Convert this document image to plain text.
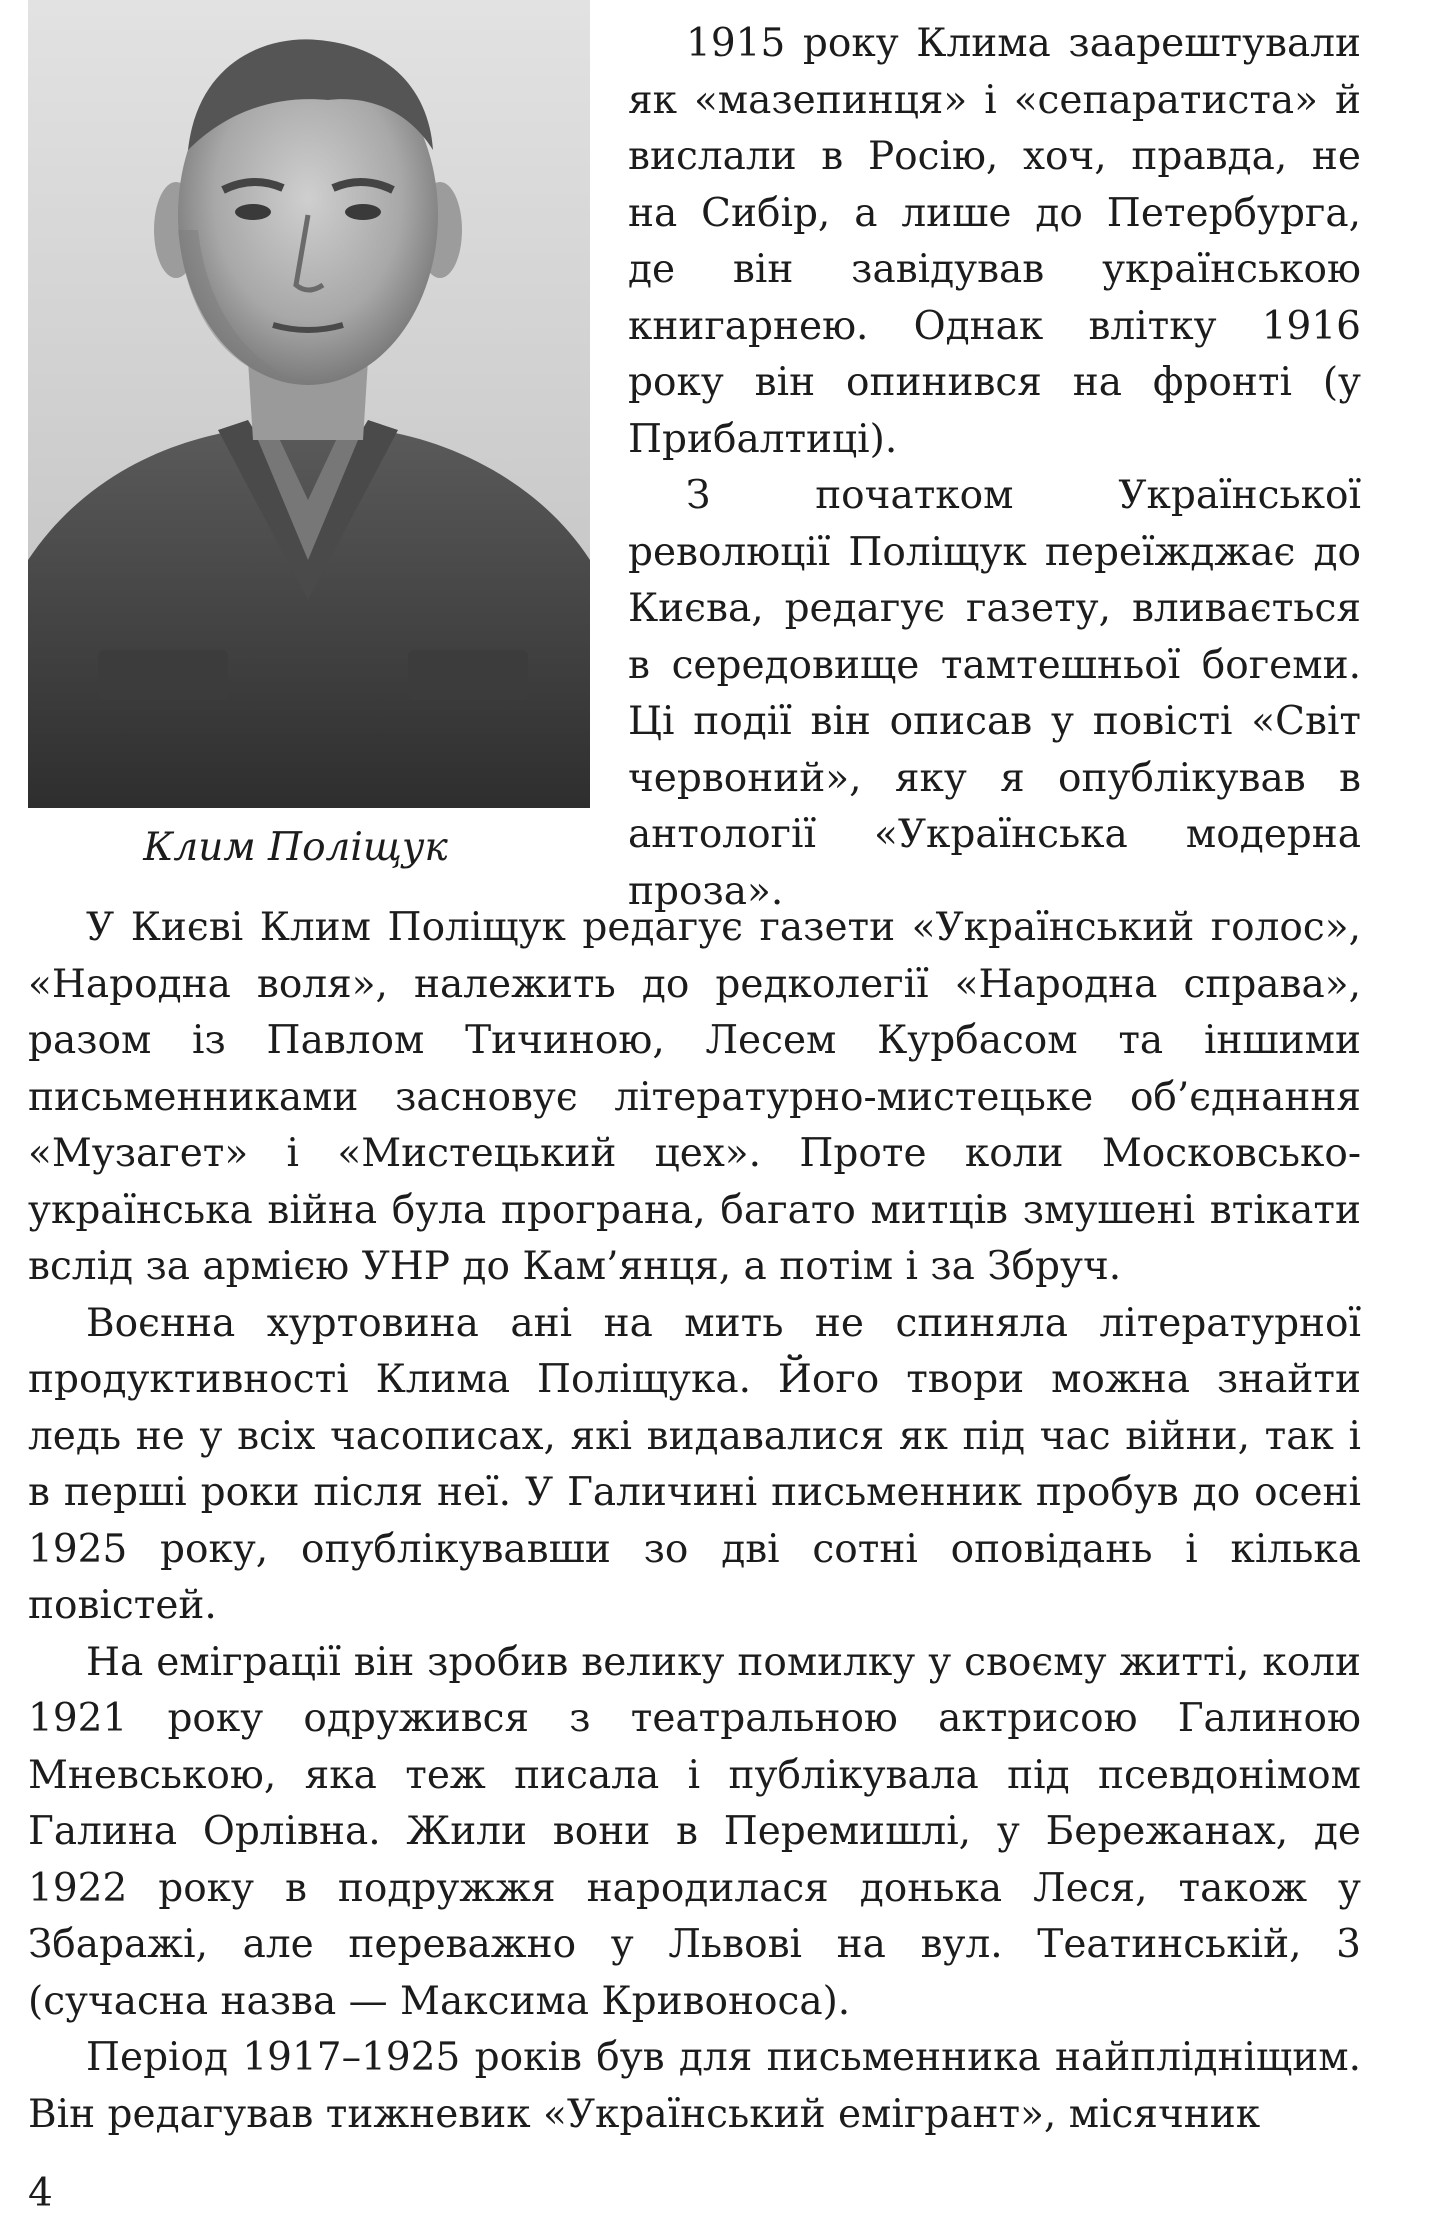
Клим Поліщук

1915 року Клима заарештували як «мазепинця» і «сепаратиста» й вислали в Росію, хоч, правда, не на Сибір, а лише до Петербурга, де він завідував українською книгарнею. Однак влітку 1916 року він опинився на фронті (у Прибалтиці).

З початком Української революції Поліщук переїжджає до Києва, редагує газету, вливається в середовище тамтешньої богеми. Ці події він описав у повісті «Світ червоний», яку я опублікував в антології «Українська модерна проза».

У Києві Клим Поліщук редагує газети «Український голос», «Народна воля», належить до редколегії «Народна справа», разом із Павлом Тичиною, Лесем Курбасом та іншими письменниками засновує літературно-мистецьке об’єднання «Музагет» і «Мистецький цех». Проте коли Московсько-українська війна була програна, багато митців змушені втікати вслід за армією УНР до Кам’янця, а потім і за Збруч.

Воєнна хуртовина ані на мить не спиняла літературної продуктивності Клима Поліщука. Його твори можна знайти ледь не у всіх часописах, які видавалися як під час війни, так і в перші роки після неї. У Галичині письменник пробув до осені 1925 року, опублікувавши зо дві сотні оповідань і кілька повістей.

На еміграції він зробив велику помилку у своєму житті, коли 1921 року одружився з театральною актрисою Галиною Мневською, яка теж писала і публікувала під псевдонімом Галина Орлівна. Жили вони в Перемишлі, у Бережанах, де 1922 року в подружжя народилася донька Леся, також у Збаражі, але переважно у Львові на вул. Театинській, 3 (сучасна назва — Максима Кривоноса).

Період 1917–1925 років був для письменника найплідніщим. Він редагував тижневик «Український емігрант», місячник

4
